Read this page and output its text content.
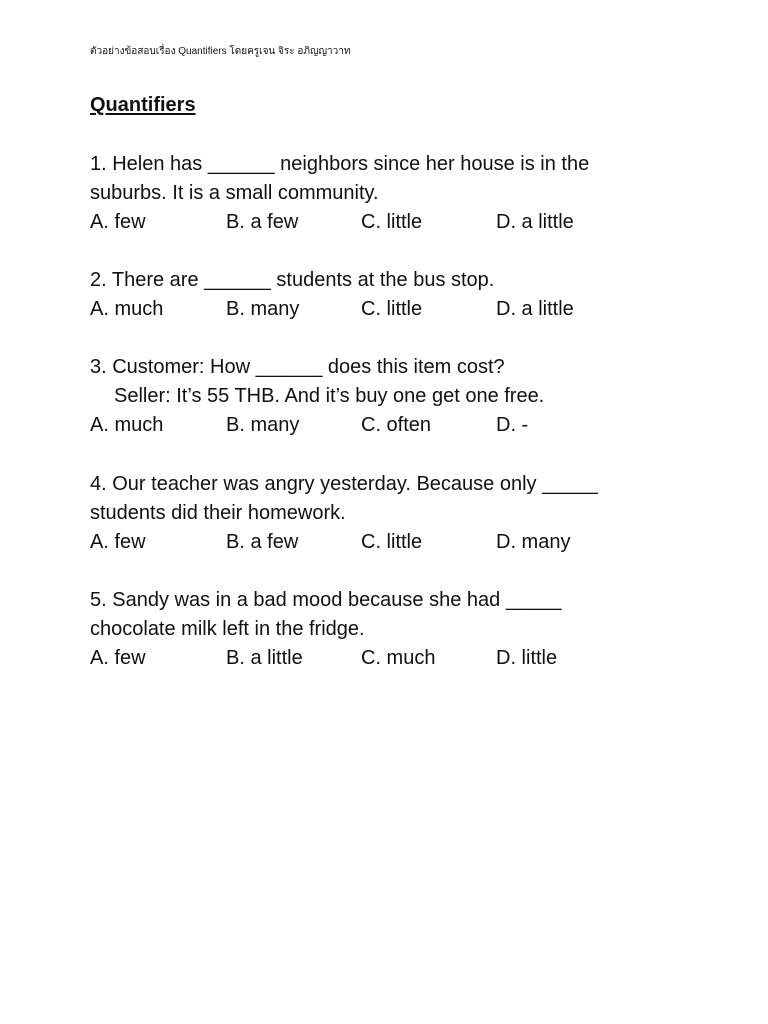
ตัวอย่างข้อสอบเรื่อง Quantifiers โดยครูเจน จิระ อภิญญาวาท
Quantifiers
1. Helen has ______ neighbors since her house is in the
suburbs. It is a small community.
A. few	B. a few	C. little	D. a little
2. There are ______ students at the bus stop.
A. much	B. many	C. little	D. a little
3. Customer: How ______ does this item cost?
Seller: It’s 55 THB. And it’s buy one get one free.
A. much	B. many	C. often	D. -
4. Our teacher was angry yesterday. Because only _____
students did their homework.
A. few	B. a few	C. little	D. many
5. Sandy was in a bad mood because she had _____
chocolate milk left in the fridge.
A. few	B. a little	C. much	D. little
